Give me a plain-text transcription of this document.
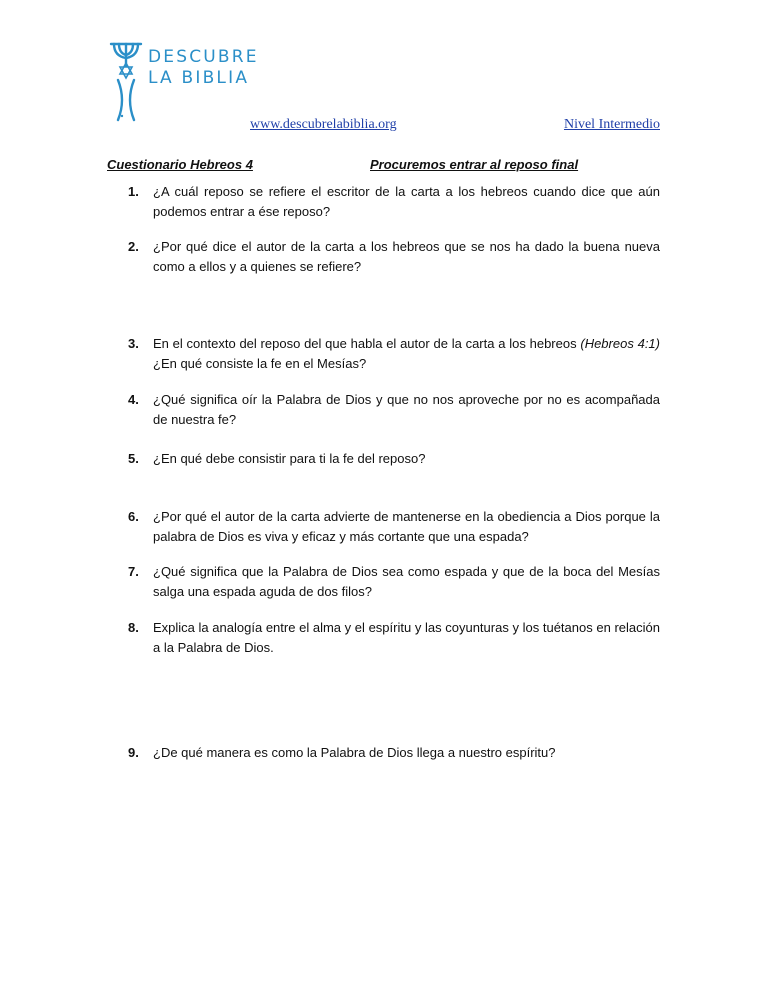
DESCUBRE
LA BIBLIA
www.descubrelabiblia.org	Nivel Intermedio
Cuestionario Hebreos 4	Procuremos entrar al reposo final
1. ¿A cuál reposo se refiere el escritor de la carta a los hebreos cuando dice que aún podemos entrar a ése reposo?
2. ¿Por qué dice el autor de la carta a los hebreos que se nos ha dado la buena nueva como a ellos y a quienes se refiere?
3. En el contexto del reposo del que habla el autor de la carta a los hebreos (Hebreos 4:1) ¿En qué consiste la fe en el Mesías?
4. ¿Qué significa oír la Palabra de Dios y que no nos aproveche por no es acompañada de nuestra fe?
5. ¿En qué debe consistir para ti la fe del reposo?
6. ¿Por qué el autor de la carta advierte de mantenerse en la obediencia a Dios porque la palabra de Dios es viva y eficaz y más cortante que una espada?
7. ¿Qué significa que la Palabra de Dios sea como espada y que de la boca del Mesías salga una espada aguda de dos filos?
8. Explica la analogía entre el alma y el espíritu y las coyunturas y los tuétanos en relación a la Palabra de Dios.
9. ¿De qué manera es como la Palabra de Dios llega a nuestro espíritu?
